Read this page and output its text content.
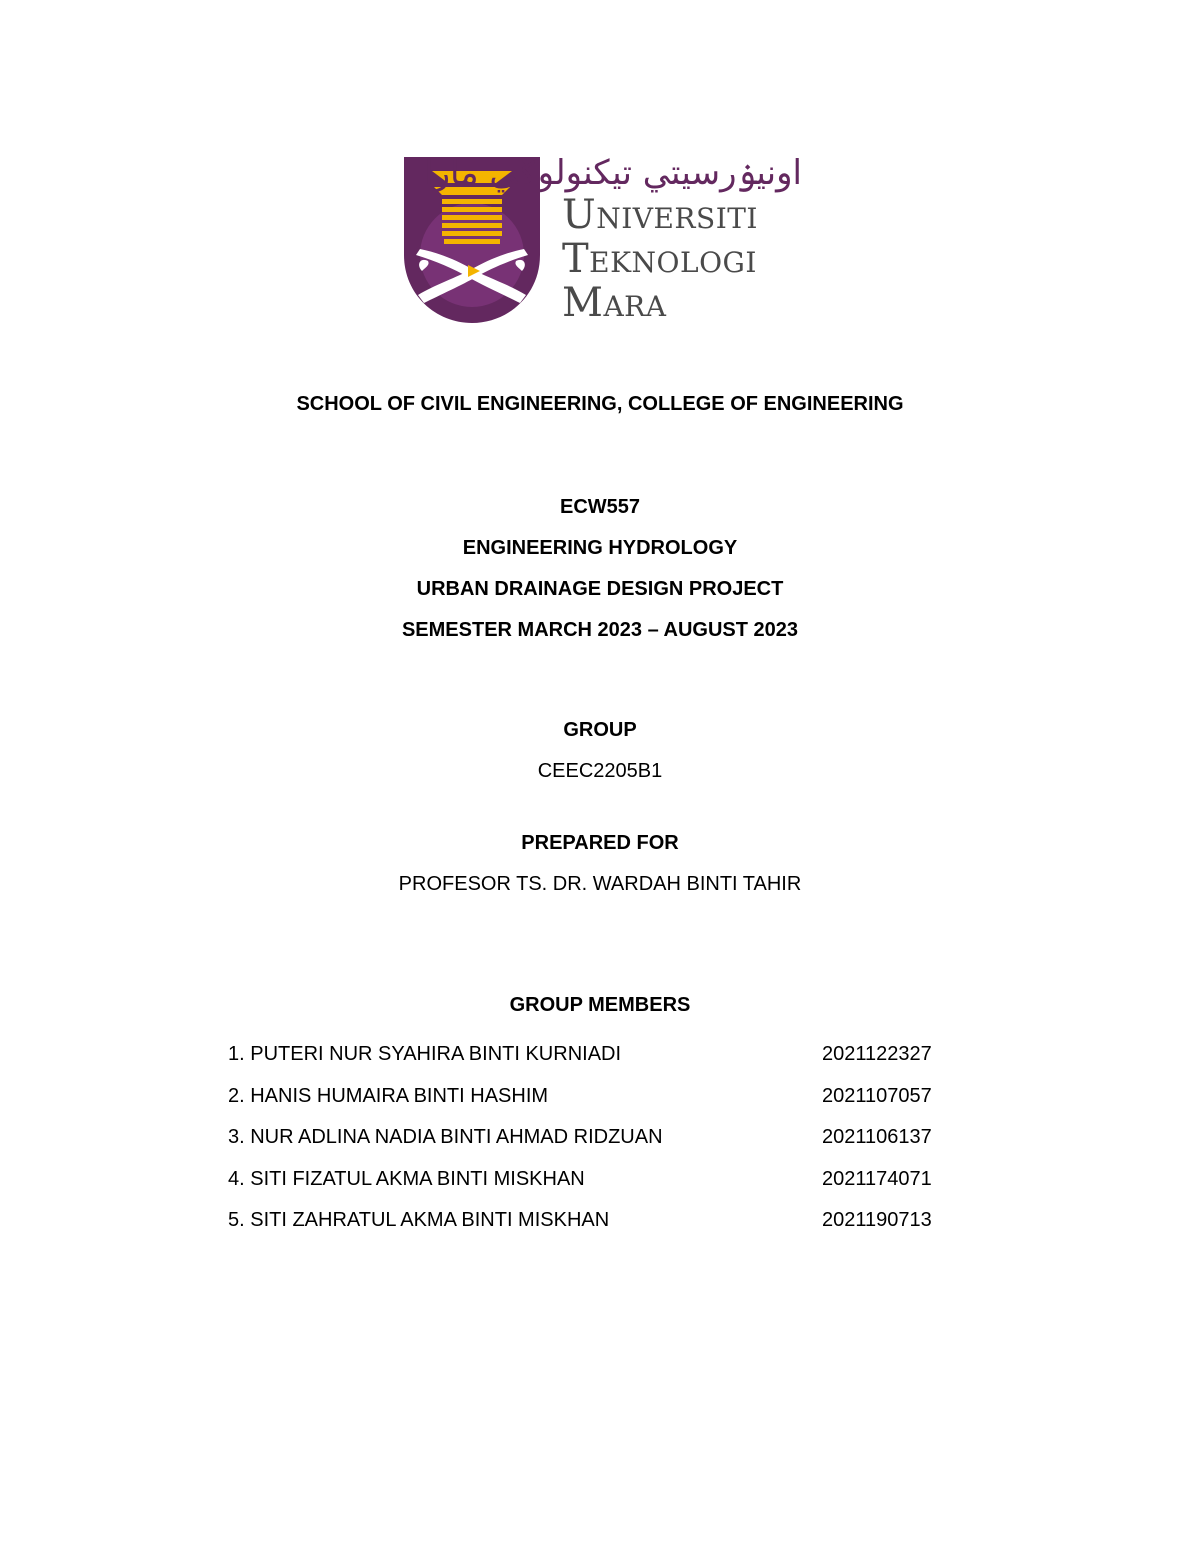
اونيۏرسيتي تيكنولوݢي مارا
Universiti
Teknologi
Mara
SCHOOL OF CIVIL ENGINEERING, COLLEGE OF ENGINEERING
ECW557
ENGINEERING HYDROLOGY
URBAN DRAINAGE DESIGN PROJECT
SEMESTER MARCH 2023 – AUGUST 2023
GROUP
CEEC2205B1
PREPARED FOR
PROFESOR TS. DR. WARDAH BINTI TAHIR
GROUP MEMBERS
1. PUTERI NUR SYAHIRA BINTI KURNIADI	2021122327
2. HANIS HUMAIRA BINTI HASHIM	2021107057
3. NUR ADLINA NADIA BINTI AHMAD RIDZUAN	2021106137
4. SITI FIZATUL AKMA BINTI MISKHAN	2021174071
5. SITI ZAHRATUL AKMA BINTI MISKHAN	2021190713
